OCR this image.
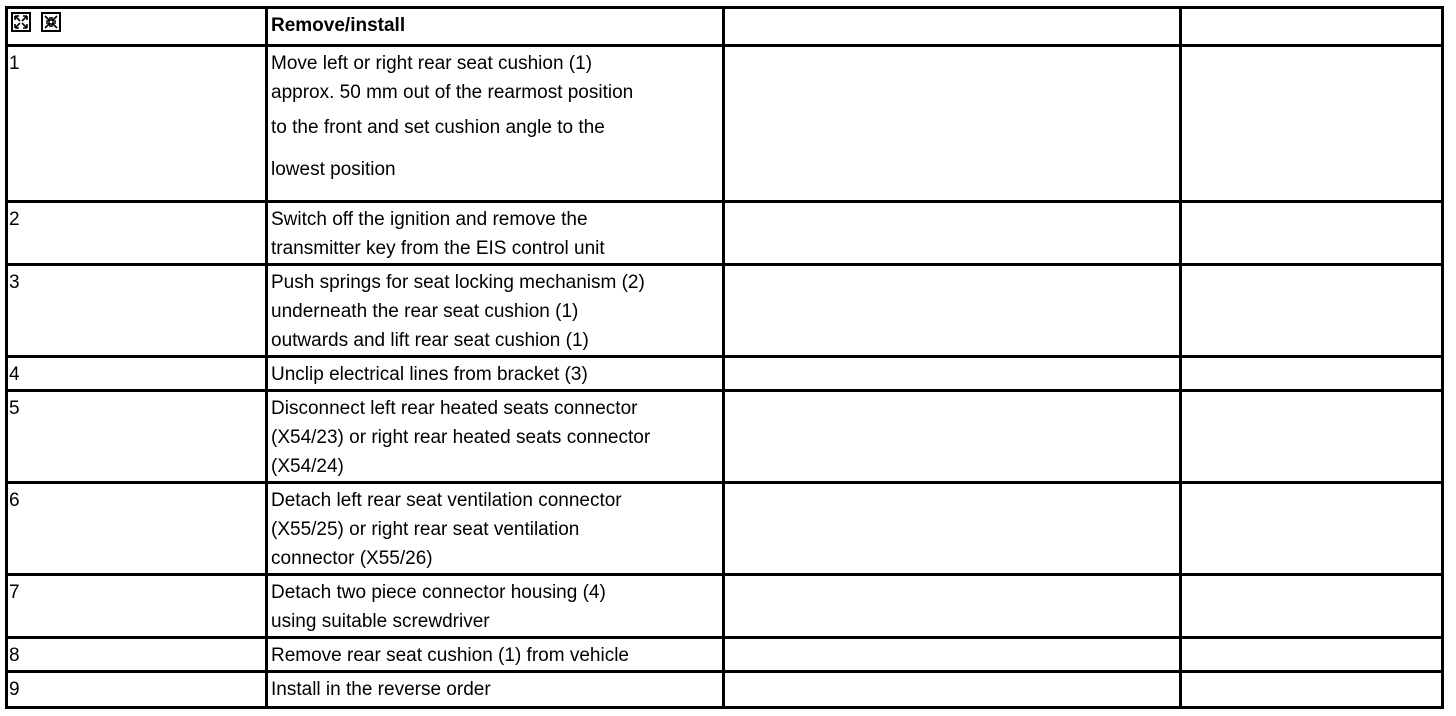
	Remove/install		
1	Move left or right rear seat cushion (1)
approx. 50 mm out of the rearmost position
to the front and set cushion angle to the
lowest position		

2	Switch off the ignition and remove the
transmitter key from the EIS control unit		

3	Push springs for seat locking mechanism (2)
underneath the rear seat cushion (1)
outwards and lift rear seat cushion (1)		

4	Unclip electrical lines from bracket (3)		

5	Disconnect left rear heated seats connector
(X54/23) or right rear heated seats connector
(X54/24)		

6	Detach left rear seat ventilation connector
(X55/25) or right rear seat ventilation
connector (X55/26)		

7	Detach two piece connector housing (4)
using suitable screwdriver		

8	Remove rear seat cushion (1) from vehicle		

9	Install in the reverse order		
